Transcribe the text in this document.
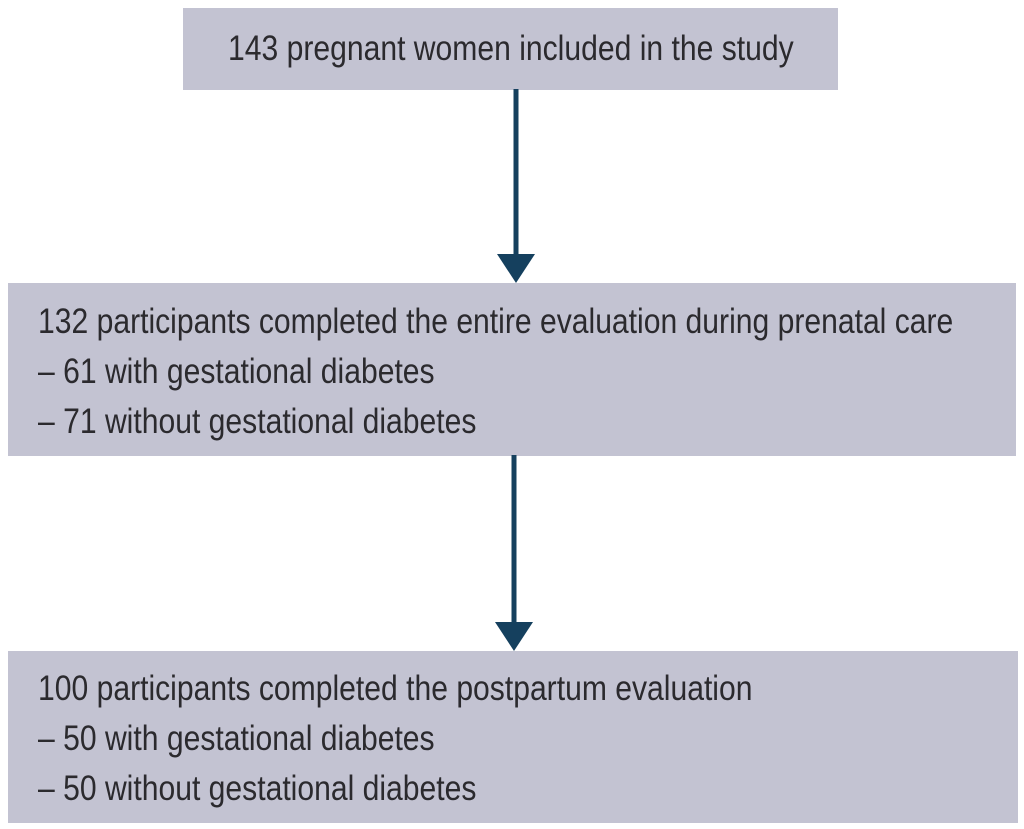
143 pregnant women included in the study
132 participants completed the entire evaluation during prenatal care
– 61 with gestational diabetes
– 71 without gestational diabetes
100 participants completed the postpartum evaluation
– 50 with gestational diabetes
– 50 without gestational diabetes
